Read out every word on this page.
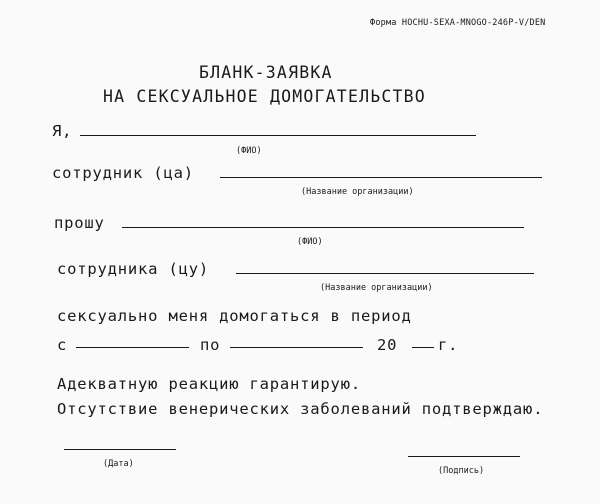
Форма HOCHU-SEXA-MNOGO-246P-V/DEN
БЛАНК-ЗАЯВКА
НА СЕКСУАЛЬНОЕ ДОМОГАТЕЛЬСТВО
Я,
(ФИО)
сотрудник (ца)
(Название организации)
прошу
(ФИО)
сотрудника (цу)
(Название организации)
сексуально меня домогаться в период
с	по	20	г.
Адекватную реакцию гарантирую.
Отсутствие венерических заболеваний подтверждаю.
(Дата)
(Подпись)
